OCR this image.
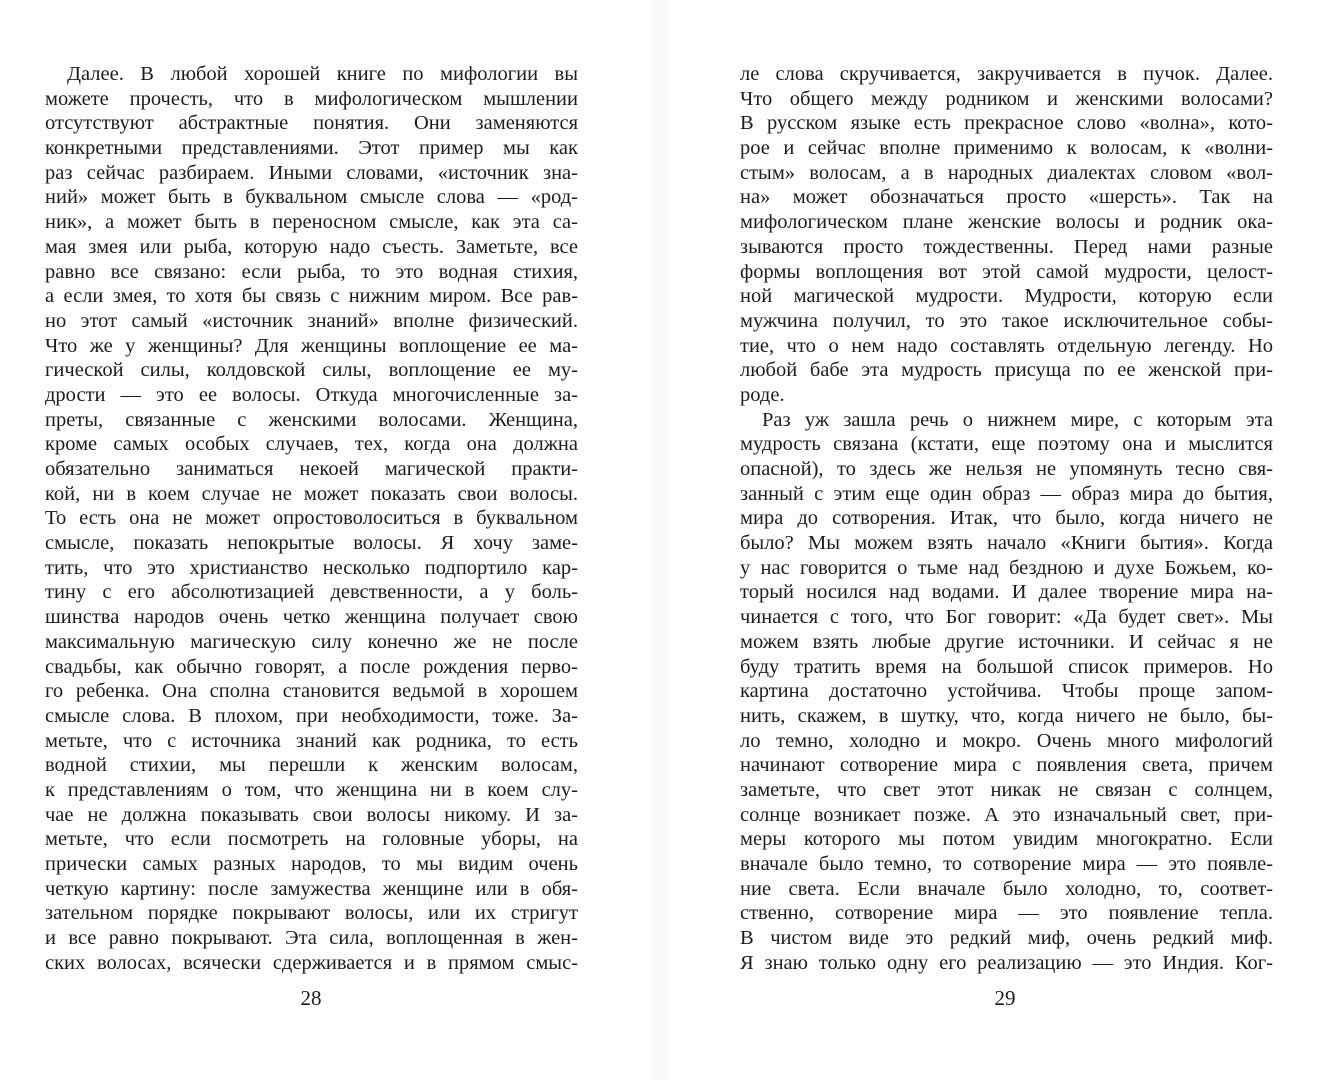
Далее. В любой хорошей книге по мифологии вы
можете прочесть, что в мифологическом мышлении
отсутствуют абстрактные понятия. Они заменяются
конкретными представлениями. Этот пример мы как
раз сейчас разбираем. Иными словами, «источник зна-
ний» может быть в буквальном смысле слова — «род-
ник», а может быть в переносном смысле, как эта са-
мая змея или рыба, которую надо съесть. Заметьте, все
равно все связано: если рыба, то это водная стихия,
а если змея, то хотя бы связь с нижним миром. Все рав-
но этот самый «источник знаний» вполне физический.
Что же у женщины? Для женщины воплощение ее ма-
гической силы, колдовской силы, воплощение ее му-
дрости — это ее волосы. Откуда многочисленные за-
преты, связанные с женскими волосами. Женщина,
кроме самых особых случаев, тех, когда она должна
обязательно заниматься некоей магической практи-
кой, ни в коем случае не может показать свои волосы.
То есть она не может опростоволоситься в буквальном
смысле, показать непокрытые волосы. Я хочу заме-
тить, что это христианство несколько подпортило кар-
тину с его абсолютизацией девственности, а у боль-
шинства народов очень четко женщина получает свою
максимальную магическую силу конечно же не после
свадьбы, как обычно говорят, а после рождения перво-
го ребенка. Она сполна становится ведьмой в хорошем
смысле слова. В плохом, при необходимости, тоже. За-
метьте, что с источника знаний как родника, то есть
водной стихии, мы перешли к женским волосам,
к представлениям о том, что женщина ни в коем слу-
чае не должна показывать свои волосы никому. И за-
метьте, что если посмотреть на головные уборы, на
прически самых разных народов, то мы видим очень
четкую картину: после замужества женщине или в обя-
зательном порядке покрывают волосы, или их стригут
и все равно покрывают. Эта сила, воплощенная в жен-
ских волосах, всячески сдерживается и в прямом смыс-
ле слова скручивается, закручивается в пучок. Далее.
Что общего между родником и женскими волосами?
В русском языке есть прекрасное слово «волна», кото-
рое и сейчас вполне применимо к волосам, к «волни-
стым» волосам, а в народных диалектах словом «вол-
на» может обозначаться просто «шерсть». Так на
мифологическом плане женские волосы и родник ока-
зываются просто тождественны. Перед нами разные
формы воплощения вот этой самой мудрости, целост-
ной магической мудрости. Мудрости, которую если
мужчина получил, то это такое исключительное собы-
тие, что о нем надо составлять отдельную легенду. Но
любой бабе эта мудрость присуща по ее женской при-
роде.
Раз уж зашла речь о нижнем мире, с которым эта
мудрость связана (кстати, еще поэтому она и мыслится
опасной), то здесь же нельзя не упомянуть тесно свя-
занный с этим еще один образ — образ мира до бытия,
мира до сотворения. Итак, что было, когда ничего не
было? Мы можем взять начало «Книги бытия». Когда
у нас говорится о тьме над бездною и духе Божьем, ко-
торый носился над водами. И далее творение мира на-
чинается с того, что Бог говорит: «Да будет свет». Мы
можем взять любые другие источники. И сейчас я не
буду тратить время на большой список примеров. Но
картина достаточно устойчива. Чтобы проще запом-
нить, скажем, в шутку, что, когда ничего не было, бы-
ло темно, холодно и мокро. Очень много мифологий
начинают сотворение мира с появления света, причем
заметьте, что свет этот никак не связан с солнцем,
солнце возникает позже. А это изначальный свет, при-
меры которого мы потом увидим многократно. Если
вначале было темно, то сотворение мира — это появле-
ние света. Если вначале было холодно, то, соответ-
ственно, сотворение мира — это появление тепла.
В чистом виде это редкий миф, очень редкий миф.
Я знаю только одну его реализацию — это Индия. Ког-
28	29
